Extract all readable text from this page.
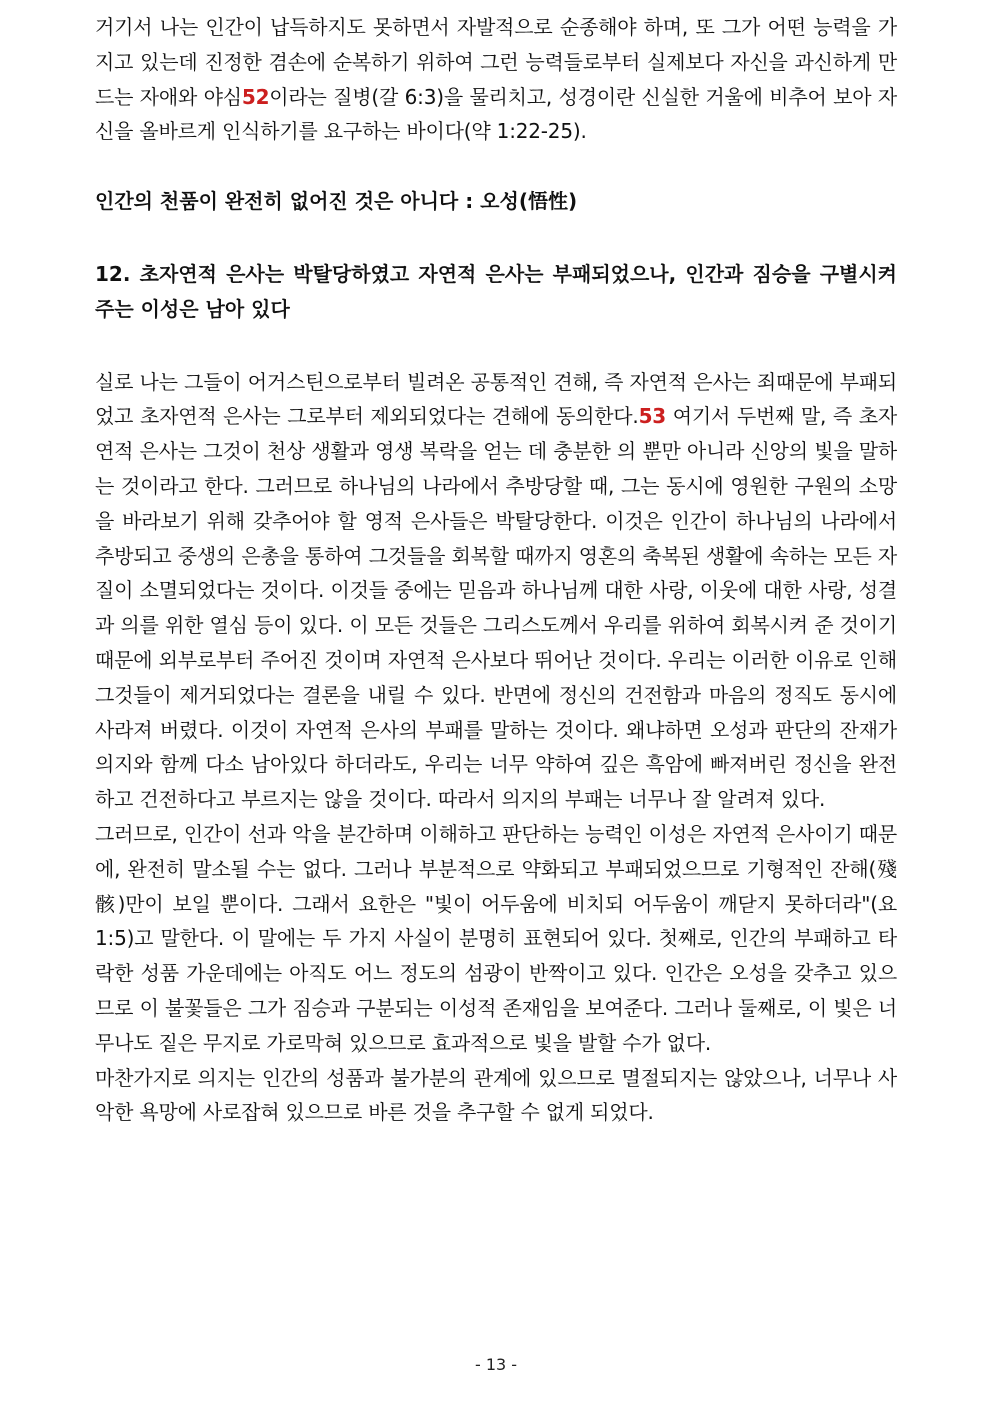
거기서 나는 인간이 납득하지도 못하면서 자발적으로 순종해야 하며, 또 그가 어떤 능력을 가지고 있는데 진정한 겸손에 순복하기 위하여 그런 능력들로부터 실제보다 자신을 과신하게 만드는 자애와 야심52이라는 질병(갈 6:3)을 물리치고, 성경이란 신실한 거울에 비추어 보아 자신을 올바르게 인식하기를 요구하는 바이다(약 1:22-25).

인간의 천품이 완전히 없어진 것은 아니다 : 오성(悟性)

12. 초자연적 은사는 박탈당하였고 자연적 은사는 부패되었으나, 인간과 짐승을 구별시켜 주는 이성은 남아 있다

실로 나는 그들이 어거스틴으로부터 빌려온 공통적인 견해, 즉 자연적 은사는 죄때문에 부패되었고 초자연적 은사는 그로부터 제외되었다는 견해에 동의한다.53 여기서 두번째 말, 즉 초자연적 은사는 그것이 천상 생활과 영생 복락을 얻는 데 충분한 의 뿐만 아니라 신앙의 빛을 말하는 것이라고 한다. 그러므로 하나님의 나라에서 추방당할 때, 그는 동시에 영원한 구원의 소망을 바라보기 위해 갖추어야 할 영적 은사들은 박탈당한다. 이것은 인간이 하나님의 나라에서 추방되고 중생의 은총을 통하여 그것들을 회복할 때까지 영혼의 축복된 생활에 속하는 모든 자질이 소멸되었다는 것이다. 이것들 중에는 믿음과 하나님께 대한 사랑, 이웃에 대한 사랑, 성결과 의를 위한 열심 등이 있다. 이 모든 것들은 그리스도께서 우리를 위하여 회복시켜 준 것이기 때문에 외부로부터 주어진 것이며 자연적 은사보다 뛰어난 것이다. 우리는 이러한 이유로 인해 그것들이 제거되었다는 결론을 내릴 수 있다. 반면에 정신의 건전함과 마음의 정직도 동시에 사라져 버렸다. 이것이 자연적 은사의 부패를 말하는 것이다. 왜냐하면 오성과 판단의 잔재가 의지와 함께 다소 남아있다 하더라도, 우리는 너무 약하여 깊은 흑암에 빠져버린 정신을 완전하고 건전하다고 부르지는 않을 것이다. 따라서 의지의 부패는 너무나 잘 알려져 있다.

그러므로, 인간이 선과 악을 분간하며 이해하고 판단하는 능력인 이성은 자연적 은사이기 때문에, 완전히 말소될 수는 없다. 그러나 부분적으로 약화되고 부패되었으므로 기형적인 잔해(殘骸)만이 보일 뿐이다. 그래서 요한은 "빛이 어두움에 비치되 어두움이 깨닫지 못하더라"(요 1:5)고 말한다. 이 말에는 두 가지 사실이 분명히 표현되어 있다. 첫째로, 인간의 부패하고 타락한 성품 가운데에는 아직도 어느 정도의 섬광이 반짝이고 있다. 인간은 오성을 갖추고 있으므로 이 불꽃들은 그가 짐승과 구분되는 이성적 존재임을 보여준다. 그러나 둘째로, 이 빛은 너무나도 짙은 무지로 가로막혀 있으므로 효과적으로 빛을 발할 수가 없다.

마찬가지로 의지는 인간의 성품과 불가분의 관계에 있으므로 멸절되지는 않았으나, 너무나 사악한 욕망에 사로잡혀 있으므로 바른 것을 추구할 수 없게 되었다.

- 13 -
